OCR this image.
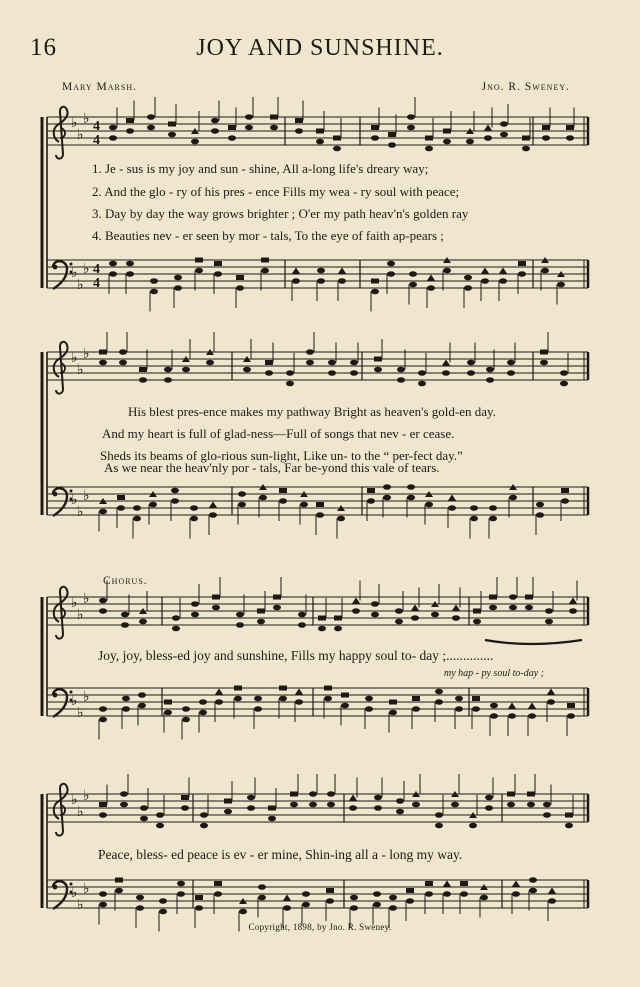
16	JOY AND SUNSHINE.
Mary Marsh.	Jno. R. Sweney.
♭
♭
♭
4
4
4
4
1. Je - sus is my joy and sun - shine, All a-long life's dreary way;
2. And the glo - ry of his pres - ence Fills my wea - ry soul with peace;
3. Day by day the way grows brighter ; O'er my path heav'n's golden ray
4. Beauties nev - er seen by mor - tals, To the eye of faith ap-pears ;
His blest pres-ence makes my pathway Bright as heaven's gold-en day.
And my heart is full of glad-ness—Full of songs that nev - er cease.
Sheds its beams of glo-rious sun-light, Like un- to the “ per-fect day.”
As we near the heav'nly por - tals, Far be-yond this vale of tears.
Chorus.
Joy, joy, bless-ed joy and sunshine, Fills my happy soul to- day ;..............
my hap - py soul to-day ;
Peace, bless- ed peace is ev - er mine, Shin-ing all a - long my way.
Copyright, 1898, by Jno. R. Sweney.
